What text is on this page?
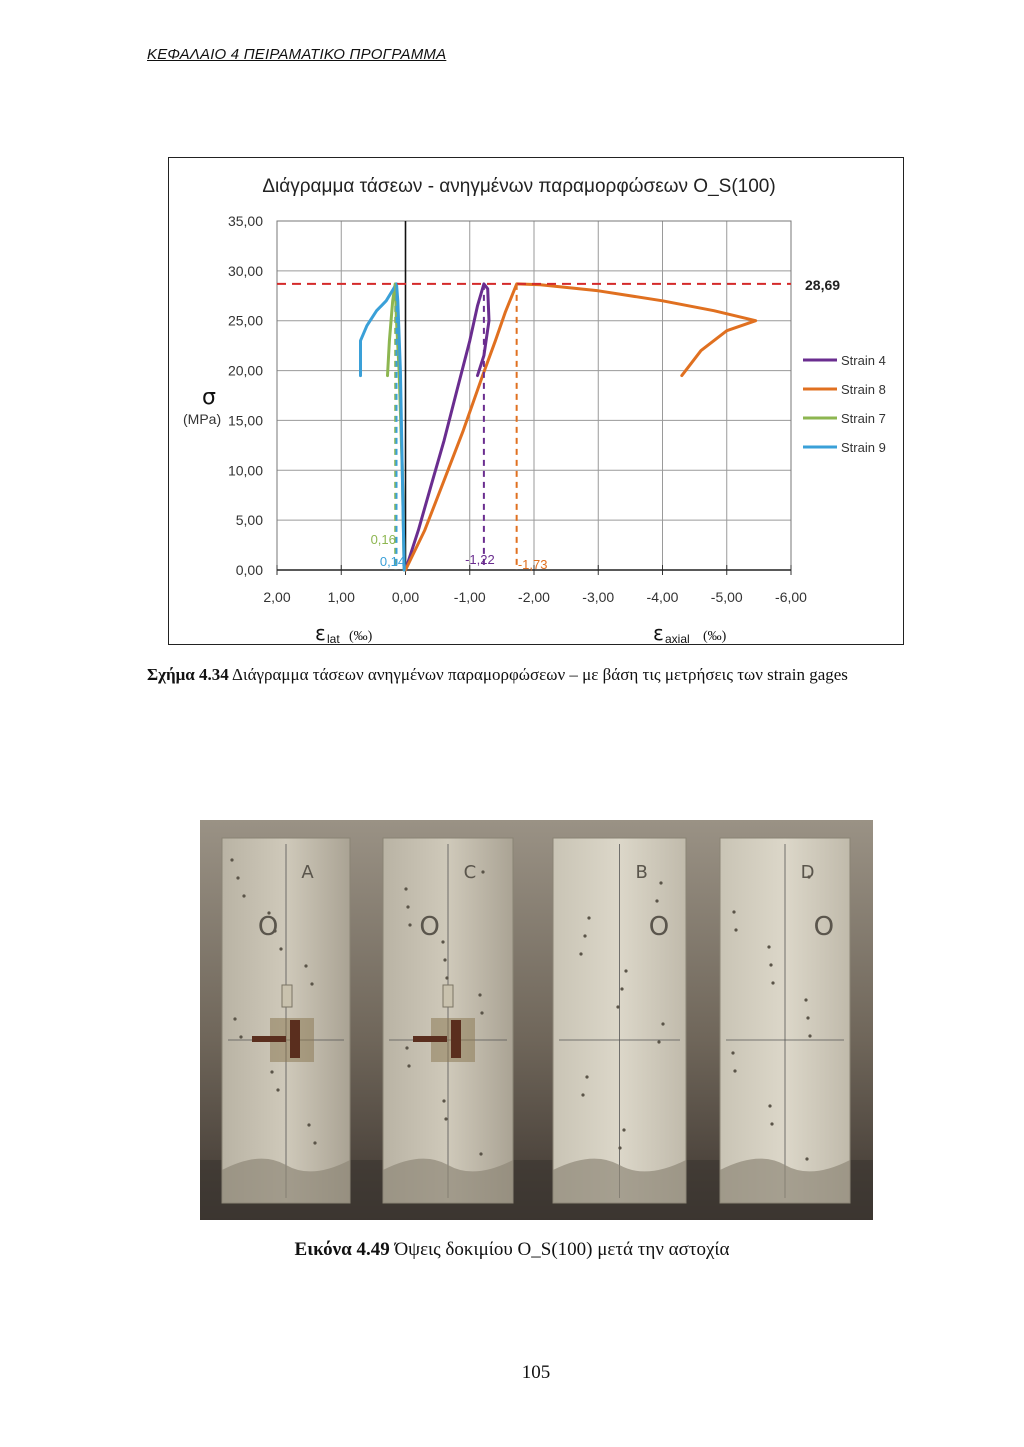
ΚΕΦΑΛΑΙΟ 4 ΠΕΙΡΑΜΑΤΙΚΟ ΠΡΟΓΡΑΜΜΑ
Διάγραμμα τάσεων - ανηγμένων παραμορφώσεων O_S(100)
2,00	1,00	0,00 -1,00 -2,00 -3,00 -4,00 -5,00 -6,00
0,00
5,00
10,00
15,00
20,00
25,00
30,00
35,00
28,69
0,16
0,14	-1,22 -1,73
Strain 4
Strain 8
Strain 7
Strain 9
σ
(MPa)
ε lat (‰)	ε axial (‰)
Σχήμα 4.34 Διάγραμμα τάσεων ανηγμένων παραμορφώσεων – με βάση τις μετρήσεις των strain gages
A
O
C
O
B
O
D
O
Εικόνα 4.49 Όψεις δοκιμίου O_S(100) μετά την αστοχία
105
